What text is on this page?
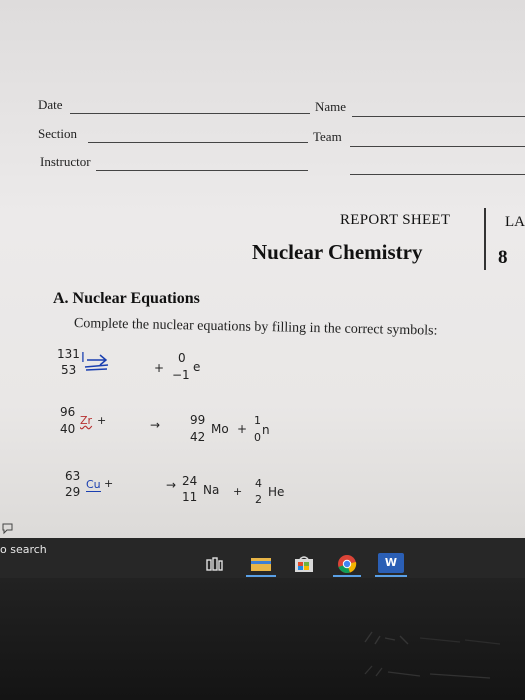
Date	Name
Section	Team
Instructor
REPORT SHEET	LA
Nuclear Chemistry	8
A. Nuclear Equations
Complete the nuclear equations by filling in the correct symbols:
131
53
I
+
0
−1
e
96
40
Zr +	→ 99
42
Mo +
1
0
n
63
29
Cu +	→ 24
11 Na +
4
2
He
o search
W
